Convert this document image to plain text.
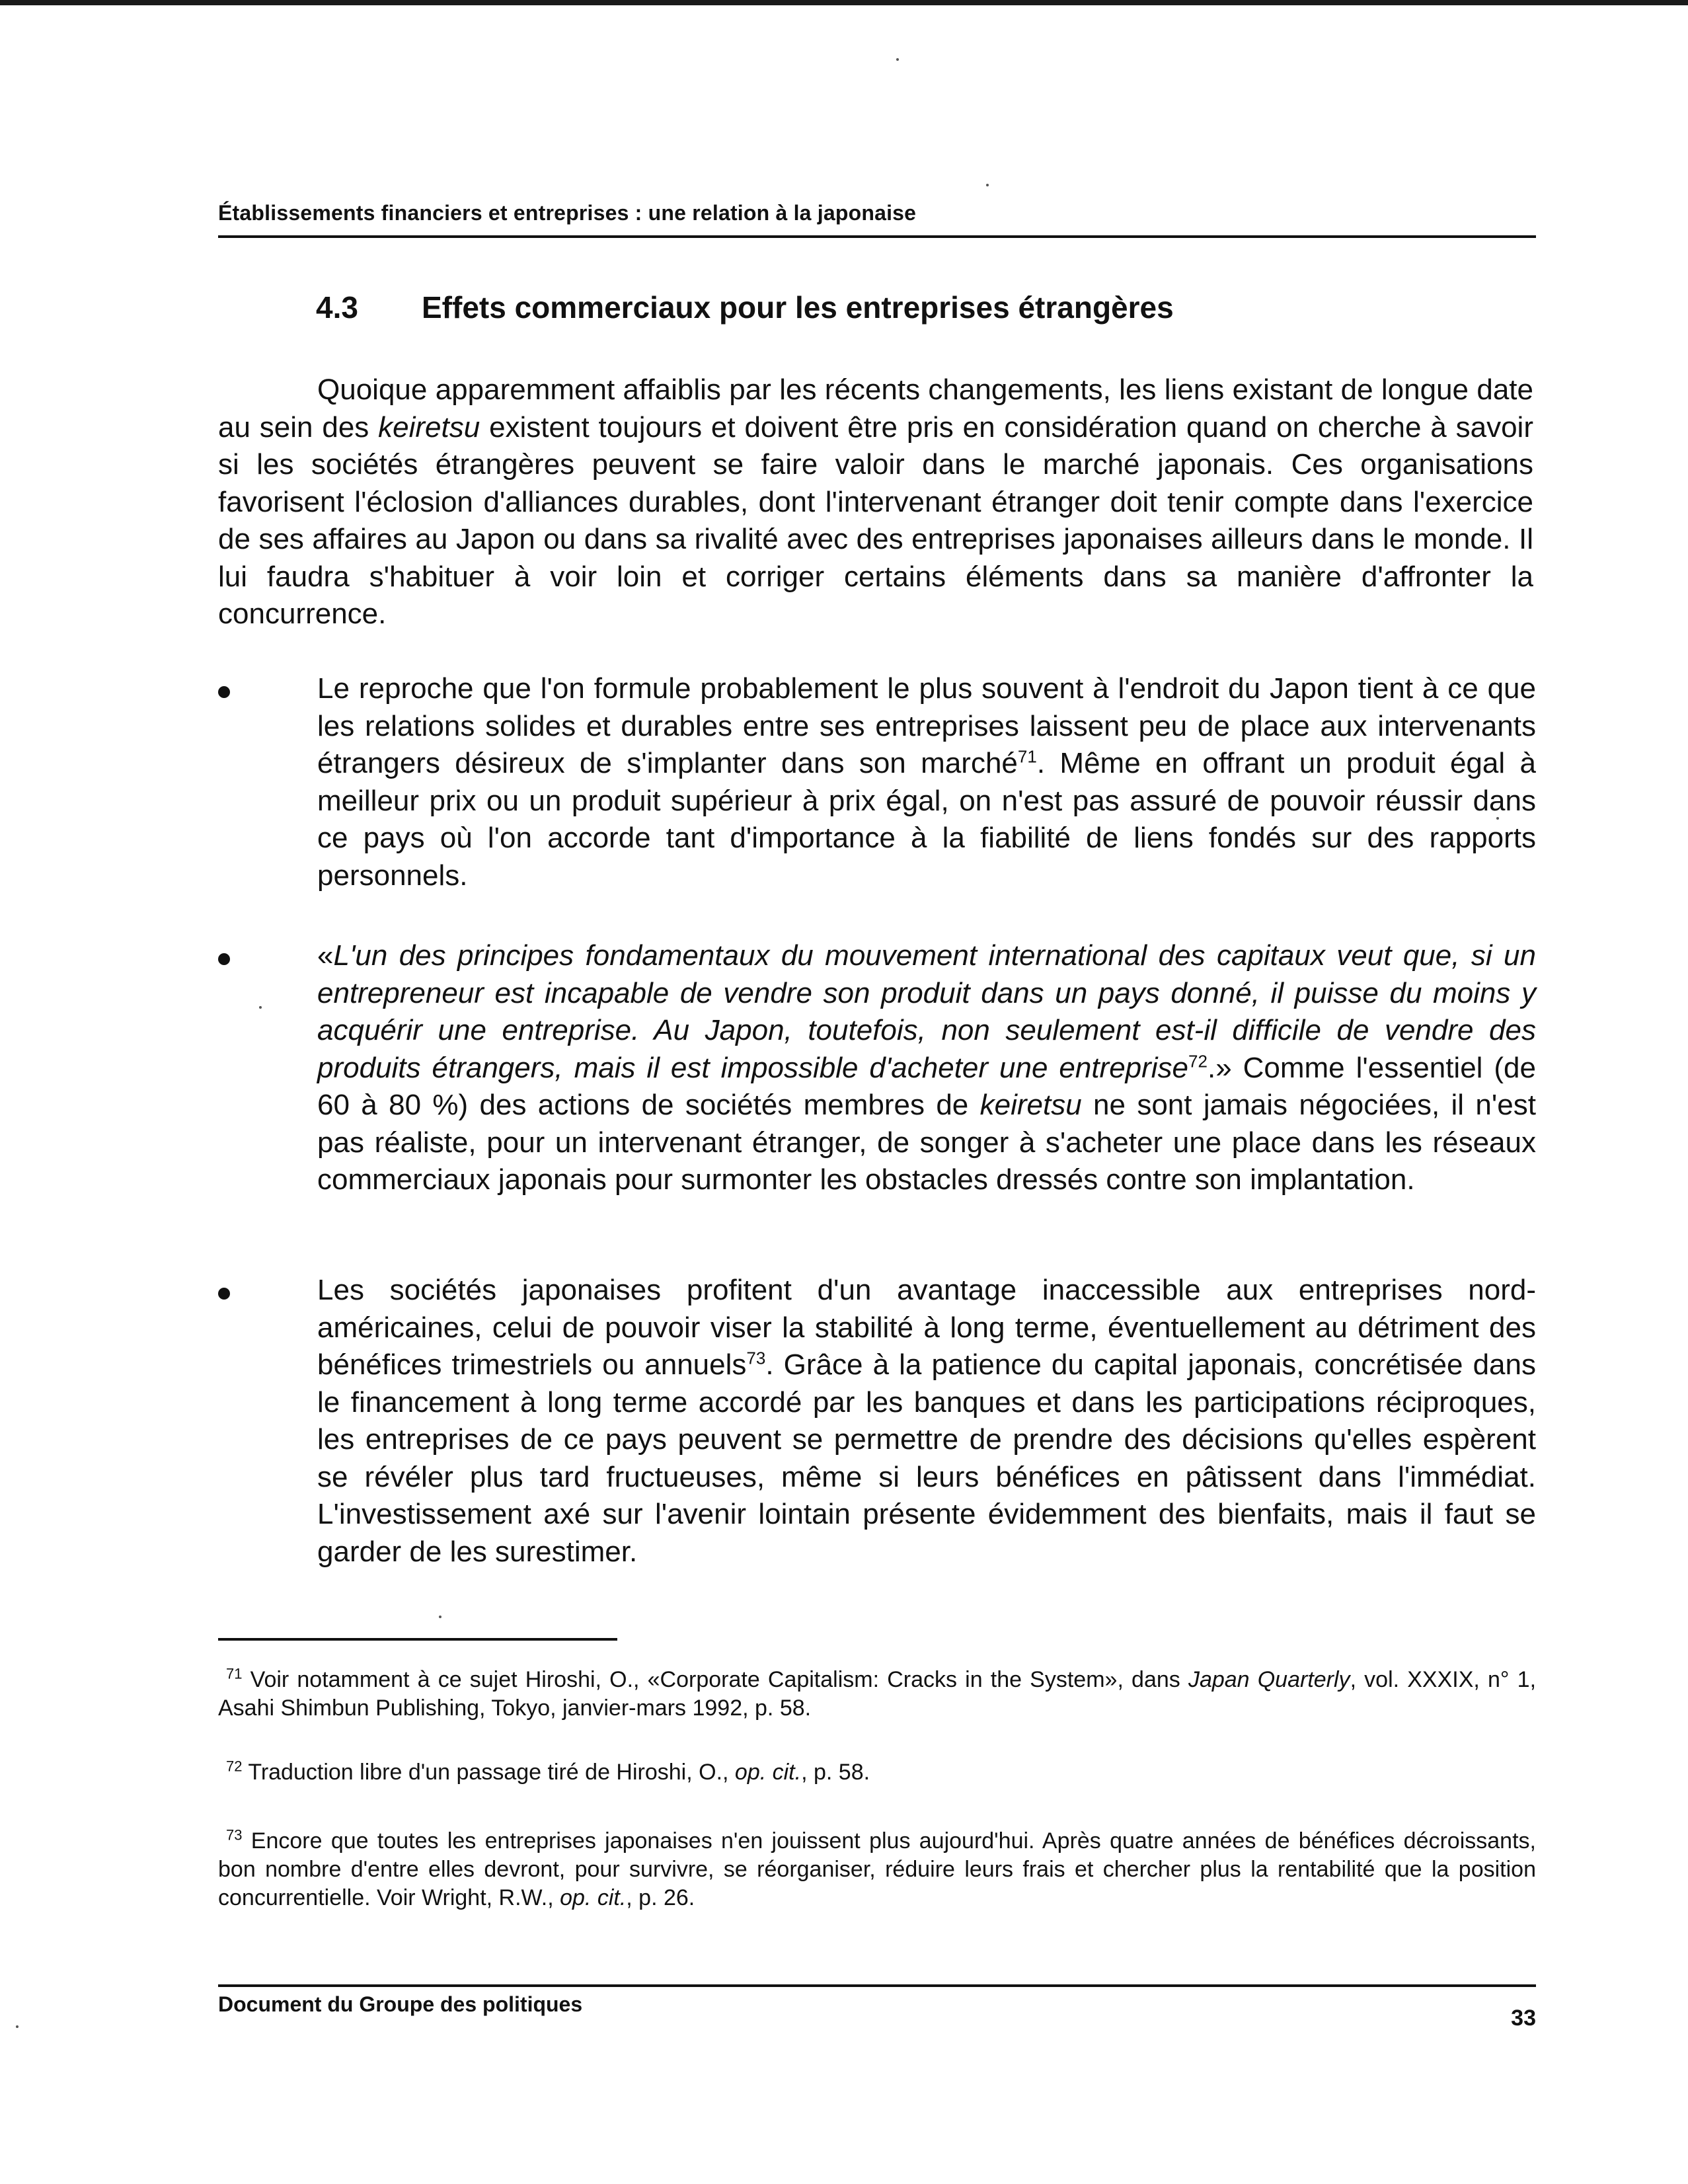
Établissements financiers et entreprises : une relation à la japonaise
4.3 Effets commerciaux pour les entreprises étrangères

Quoique apparemment affaiblis par les récents changements, les liens existant de longue date au sein des keiretsu existent toujours et doivent être pris en considération quand on cherche à savoir si les sociétés étrangères peuvent se faire valoir dans le marché japonais. Ces organisations favorisent l'éclosion d'alliances durables, dont l'intervenant étranger doit tenir compte dans l'exercice de ses affaires au Japon ou dans sa rivalité avec des entreprises japonaises ailleurs dans le monde. Il lui faudra s'habituer à voir loin et corriger certains éléments dans sa manière d'affronter la concurrence.

Le reproche que l'on formule probablement le plus souvent à l'endroit du Japon tient à ce que les relations solides et durables entre ses entreprises laissent peu de place aux intervenants étrangers désireux de s'implanter dans son marché$^{71}$. Même en offrant un produit égal à meilleur prix ou un produit supérieur à prix égal, on n'est pas assuré de pouvoir réussir dans ce pays où l'on accorde tant d'importance à la fiabilité de liens fondés sur des rapports personnels.

«L'un des principes fondamentaux du mouvement international des capitaux veut que, si un entrepreneur est incapable de vendre son produit dans un pays donné, il puisse du moins y acquérir une entreprise. Au Japon, toutefois, non seulement est-il difficile de vendre des produits étrangers, mais il est impossible d'acheter une entreprise$^{72}$.» Comme l'essentiel (de 60 à 80 %) des actions de sociétés membres de keiretsu ne sont jamais négociées, il n'est pas réaliste, pour un intervenant étranger, de songer à s'acheter une place dans les réseaux commerciaux japonais pour surmonter les obstacles dressés contre son implantation.

Les sociétés japonaises profitent d'un avantage inaccessible aux entreprises nord-américaines, celui de pouvoir viser la stabilité à long terme, éventuellement au détriment des bénéfices trimestriels ou annuels$^{73}$. Grâce à la patience du capital japonais, concrétisée dans le financement à long terme accordé par les banques et dans les participations réciproques, les entreprises de ce pays peuvent se permettre de prendre des décisions qu'elles espèrent se révéler plus tard fructueuses, même si leurs bénéfices en pâtissent dans l'immédiat. L'investissement axé sur l'avenir lointain présente évidemment des bienfaits, mais il faut se garder de les surestimer.

$^{71}$ Voir notamment à ce sujet Hiroshi, O., «Corporate Capitalism: Cracks in the System», dans Japan Quarterly, vol. XXXIX, n° 1, Asahi Shimbun Publishing, Tokyo, janvier-mars 1992, p. 58.

$^{72}$ Traduction libre d'un passage tiré de Hiroshi, O., op. cit., p. 58.

$^{73}$ Encore que toutes les entreprises japonaises n'en jouissent plus aujourd'hui. Après quatre années de bénéfices décroissants, bon nombre d'entre elles devront, pour survivre, se réorganiser, réduire leurs frais et chercher plus la rentabilité que la position concurrentielle. Voir Wright, R.W., op. cit., p. 26.

Document du Groupe des politiques
33
